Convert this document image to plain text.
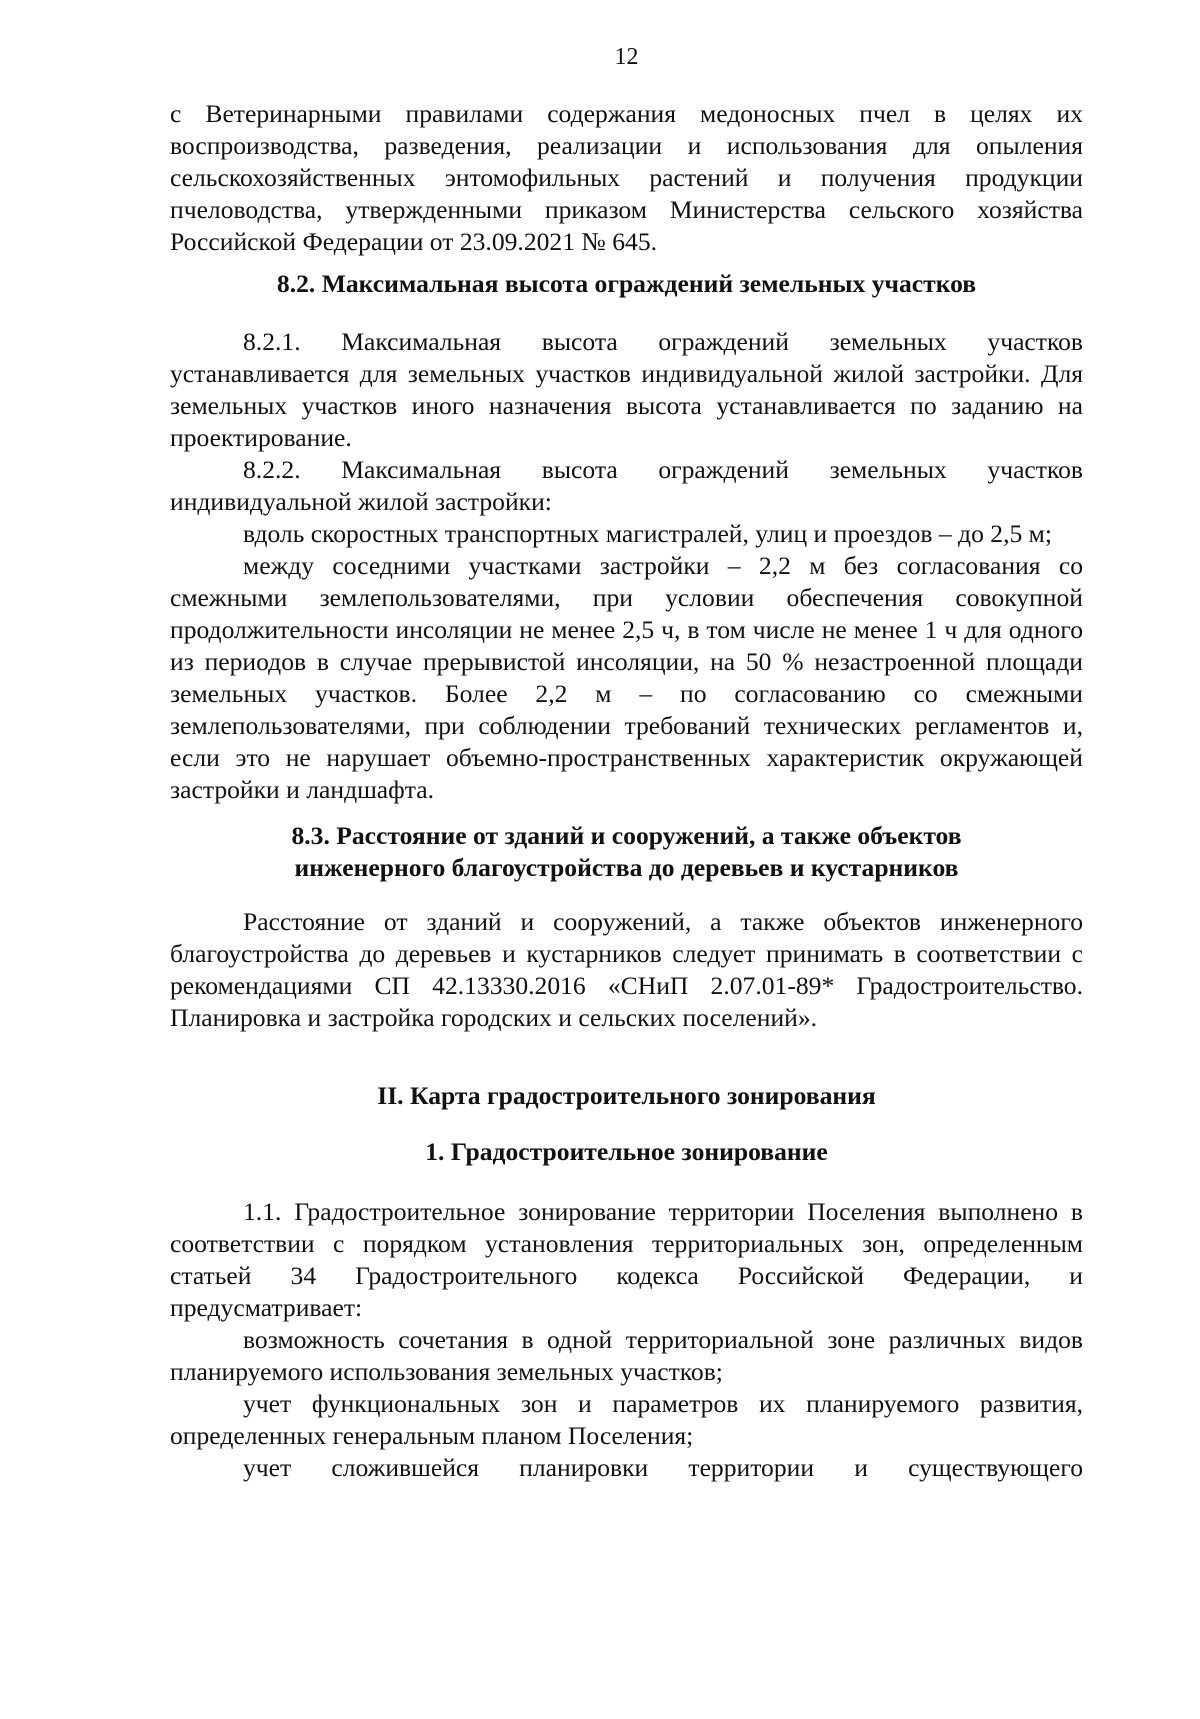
12

с Ветеринарными правилами содержания медоносных пчел в целях их воспроизводства, разведения, реализации и использования для опыления сельскохозяйственных энтомофильных растений и получения продукции пчеловодства, утвержденными приказом Министерства сельского хозяйства Российской Федерации от 23.09.2021 № 645.

8.2. Максимальная высота ограждений земельных участков

8.2.1. Максимальная высота ограждений земельных участков устанавливается для земельных участков индивидуальной жилой застройки. Для земельных участков иного назначения высота устанавливается по заданию на проектирование.

8.2.2. Максимальная высота ограждений земельных участков индивидуальной жилой застройки:

вдоль скоростных транспортных магистралей, улиц и проездов – до 2,5 м;

между соседними участками застройки – 2,2 м без согласования со смежными землепользователями, при условии обеспечения совокупной продолжительности инсоляции не менее 2,5 ч, в том числе не менее 1 ч для одного из периодов в случае прерывистой инсоляции, на 50 % незастроенной площади земельных участков. Более 2,2 м – по согласованию со смежными землепользователями, при соблюдении требований технических регламентов и, если это не нарушает объемно-пространственных характеристик окружающей застройки и ландшафта.

8.3. Расстояние от зданий и сооружений, а также объектов
инженерного благоустройства до деревьев и кустарников

Расстояние от зданий и сооружений, а также объектов инженерного благоустройства до деревьев и кустарников следует принимать в соответствии с рекомендациями СП 42.13330.2016 «СНиП 2.07.01-89* Градостроительство. Планировка и застройка городских и сельских поселений».

II. Карта градостроительного зонирования
1. Градостроительное зонирование

1.1. Градостроительное зонирование территории Поселения выполнено в соответствии с порядком установления территориальных зон, определенным статьей 34 Градостроительного кодекса Российской Федерации, и предусматривает:

возможность сочетания в одной территориальной зоне различных видов планируемого использования земельных участков;

учет функциональных зон и параметров их планируемого развития, определенных генеральным планом Поселения;

учет сложившейся планировки территории и существующего
